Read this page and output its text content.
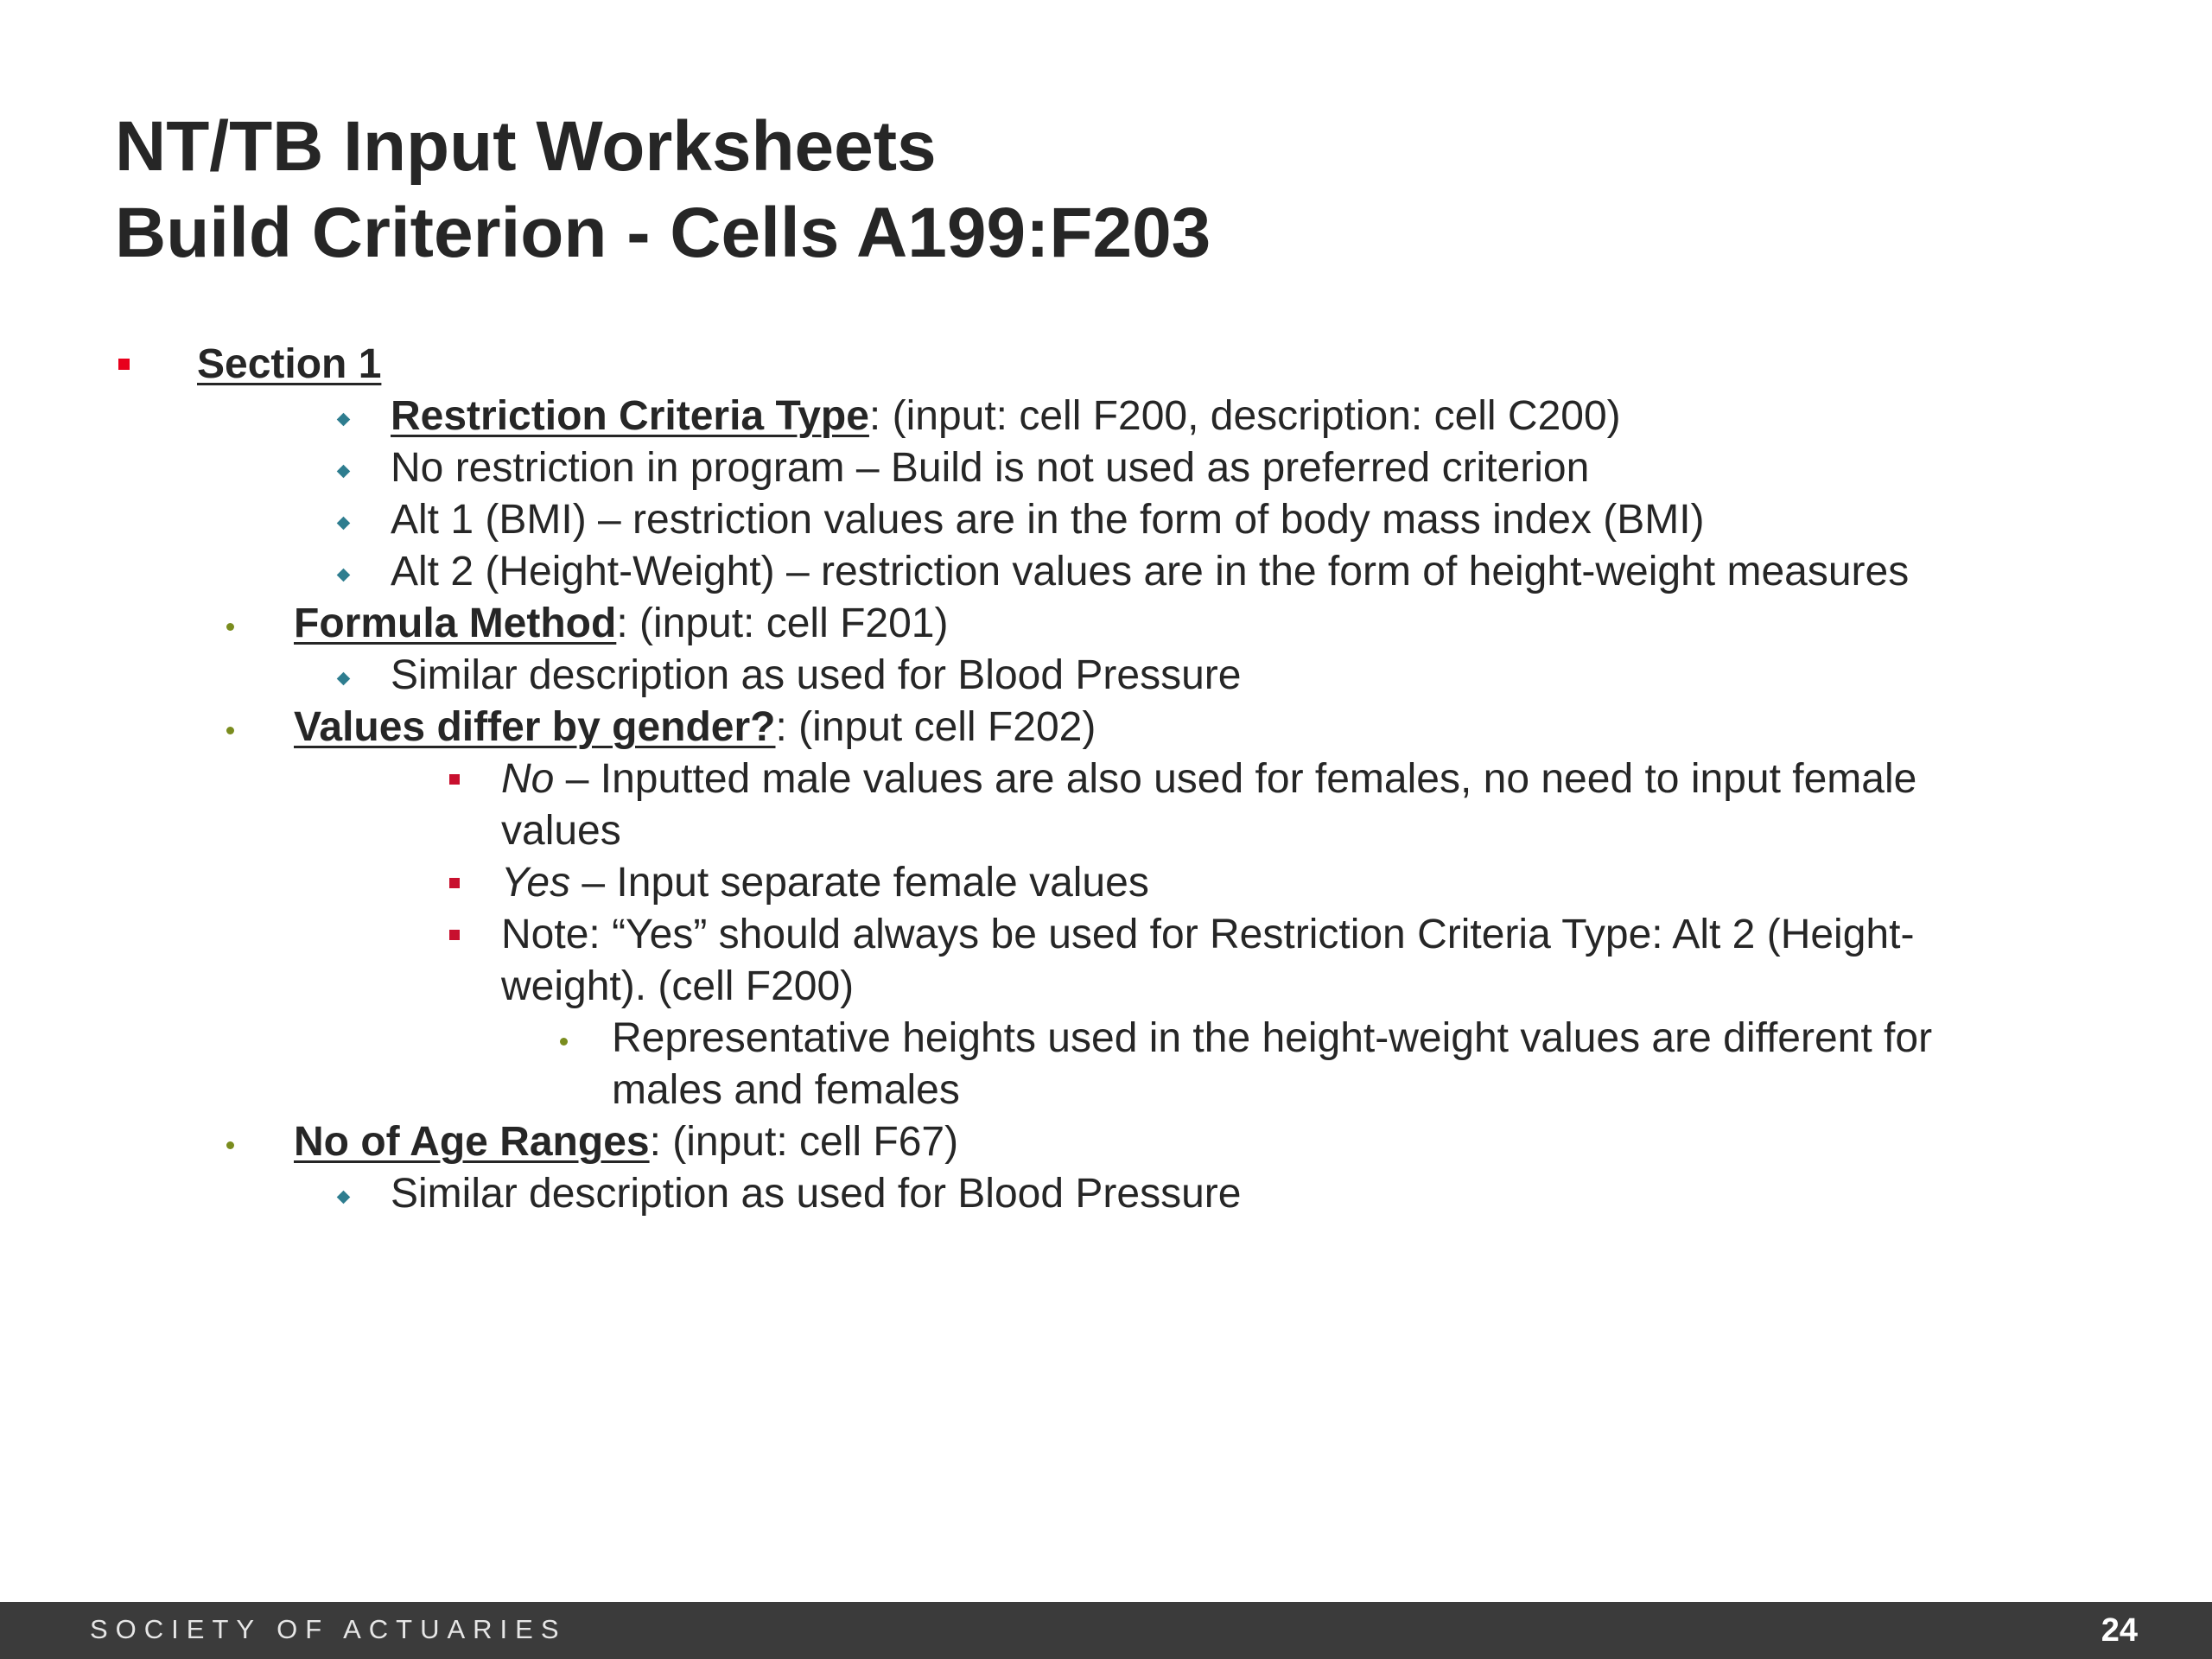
NT/TB Input Worksheets
Build Criterion - Cells A199:F203
Section 1
Restriction Criteria Type: (input: cell F200, description: cell C200)
No restriction in program – Build is not used as preferred criterion
Alt 1 (BMI) – restriction values are in the form of body mass index (BMI)
Alt 2 (Height-Weight) – restriction values are in the form of height-weight measures
Formula Method: (input: cell F201)
Similar description as used for Blood Pressure
Values differ by gender?: (input cell F202)
No – Inputted male values are also used for females, no need to input female values
Yes – Input separate female values
Note: “Yes” should always be used for Restriction Criteria Type: Alt 2 (Height-weight). (cell F200)
Representative heights used in the height-weight values are different for males and females
No of Age Ranges: (input: cell F67)
Similar description as used for Blood Pressure
SOCIETY OF ACTUARIES	24
